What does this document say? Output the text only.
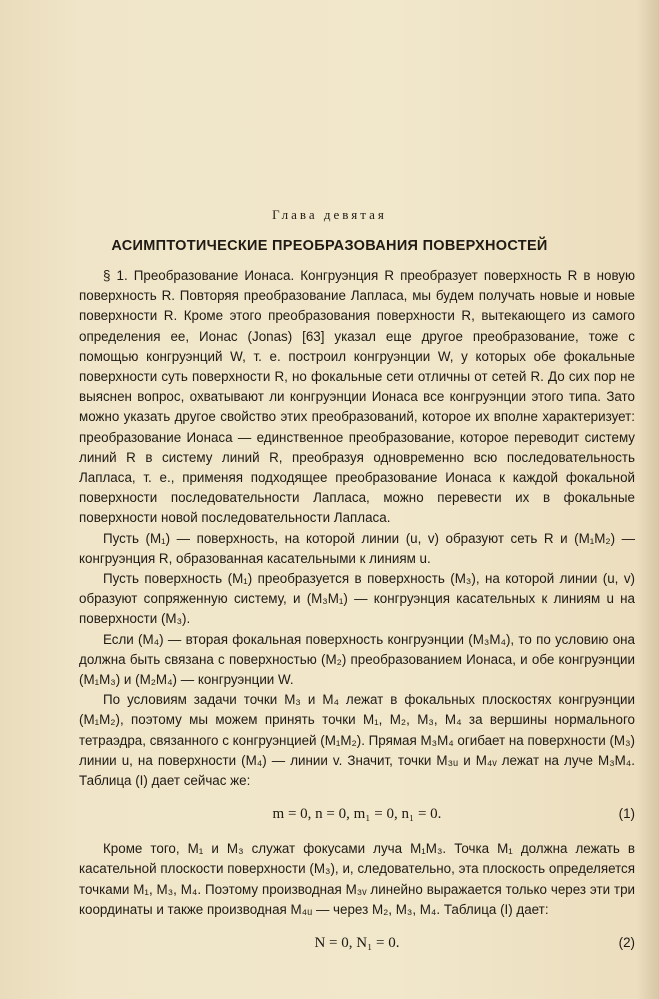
Глава девятая
АСИМПТОТИЧЕСКИЕ ПРЕОБРАЗОВАНИЯ ПОВЕРХНОСТЕЙ

§ 1. Преобразование Ионаса. Конгруэнция R преобразует поверхность R в новую поверхность R. Повторяя преобразование Лапласа, мы будем получать новые и новые поверхности R. Кроме этого преобразования поверхности R, вытекающего из самого определения ее, Ионас (Jonas) [63] указал еще другое преобразование, тоже с помощью конгруэнций W, т. е. построил конгруэнции W, у которых обе фокальные поверхности суть поверхности R, но фокальные сети отличны от сетей R. До сих пор не выяснен вопрос, охватывают ли конгруэнции Ионаса все конгруэнции этого типа. Зато можно указать другое свойство этих преобразований, которое их вполне характеризует: преобразование Ионаса — единственное преобразование, которое переводит систему линий R в систему линий R, преобразуя одновременно всю последовательность Лапласа, т. е., применяя подходящее преобразование Ионаса к каждой фокальной поверхности последовательности Лапласа, можно перевести их в фокальные поверхности новой последовательности Лапласа.

Пусть (M₁) — поверхность, на которой линии (u, v) образуют сеть R и (M₁M₂) — конгруэнция R, образованная касательными к линиям u.

Пусть поверхность (M₁) преобразуется в поверхность (M₃), на которой линии (u, v) образуют сопряженную систему, и (M₃M₁) — конгруэнция касательных к линиям u на поверхности (M₃).

Если (M₄) — вторая фокальная поверхность конгруэнции (M₃M₄), то по условию она должна быть связана с поверхностью (M₂) преобразованием Ионаса, и обе конгруэнции (M₁M₃) и (M₂M₄) — конгруэнции W.

По условиям задачи точки M₃ и M₄ лежат в фокальных плоскостях конгруэнции (M₁M₂), поэтому мы можем принять точки M₁, M₂, M₃, M₄ за вершины нормального тетраэдра, связанного с конгруэнцией (M₁M₂). Прямая M₃M₄ огибает на поверхности (M₃) линии u, на поверхности (M₄) — линии v. Значит, точки M₃ᵤ и M₄ᵥ лежат на луче M₃M₄. Таблица (I) дает сейчас же:

m = 0, n = 0, m₁ = 0, n₁ = 0.	(1)

Кроме того, M₁ и M₃ служат фокусами луча M₁M₃. Точка M₁ должна лежать в касательной плоскости поверхности (M₃), и, следовательно, эта плоскость определяется точками M₁, M₃, M₄. Поэтому производная M₃ᵥ линейно выражается только через эти три координаты и также производная M₄ᵤ — через M₂, M₃, M₄. Таблица (I) дает:

N = 0, N₁ = 0.	(2)
